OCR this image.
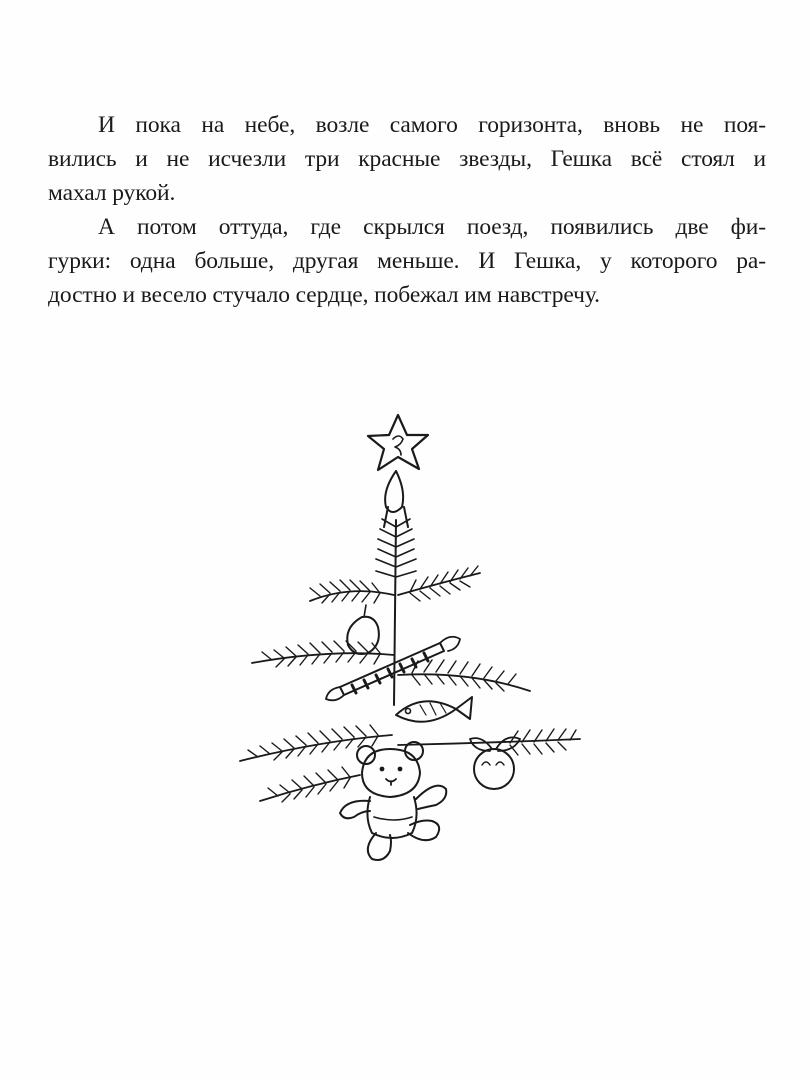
И пока на небе, возле самого горизонта, вновь не поя-
вились и не исчезли три красные звезды, Гешка всё стоял и
махал рукой.

А потом оттуда, где скрылся поезд, появились две фи-
гурки: одна больше, другая меньше. И Гешка, у которого ра-
достно и весело стучало сердце, побежал им навстречу.
